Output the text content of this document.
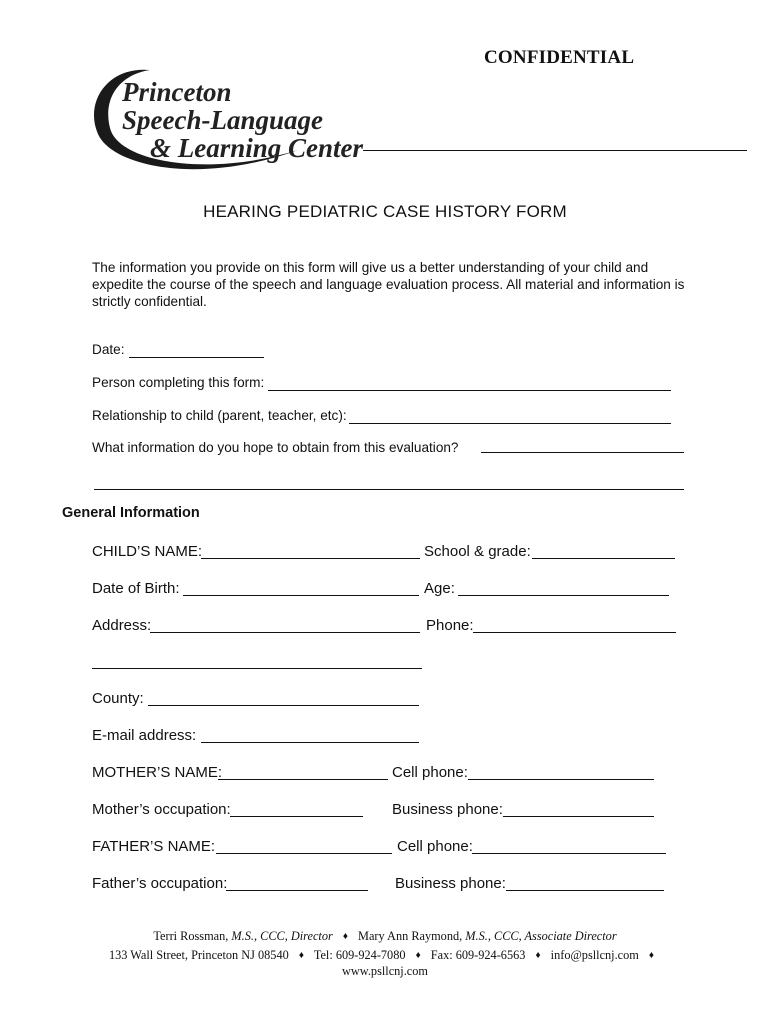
CONFIDENTIAL
Princeton
Speech-Language
& Learning Center
HEARING PEDIATRIC CASE HISTORY FORM
The information you provide on this form will give us a better understanding of your child and expedite the course of the speech and language evaluation process. All material and information is strictly confidential.
Date:
Person completing this form:
Relationship to child (parent, teacher, etc):
What information do you hope to obtain from this evaluation?
General Information
CHILD’S NAME:	School & grade:
Date of Birth:	Age:
Address:	Phone:
County:
E-mail address:
MOTHER’S NAME:	Cell phone:
Mother’s occupation:	Business phone:
FATHER’S NAME:	Cell phone:
Father’s occupation:	Business phone:
Terri Rossman, M.S., CCC, Director ♦ Mary Ann Raymond, M.S., CCC, Associate Director
133 Wall Street, Princeton NJ 08540 ♦ Tel: 609-924-7080 ♦ Fax: 609-924-6563 ♦ info@psllcnj.com ♦
www.psllcnj.com
